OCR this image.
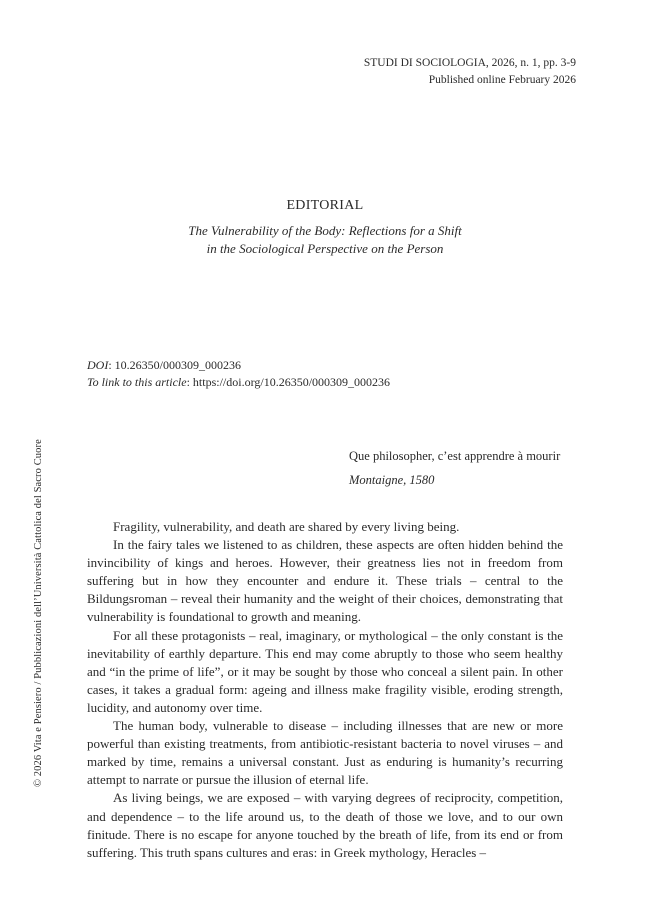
STUDI DI SOCIOLOGIA, 2026, n. 1, pp. 3-9
Published online February 2026
EDITORIAL
The Vulnerability of the Body: Reflections for a Shift
in the Sociological Perspective on the Person
DOI: 10.26350/000309_000236
To link to this article: https://doi.org/10.26350/000309_000236
Que philosopher, c’est apprendre à mourir
Montaigne, 1580
© 2026 Vita e Pensiero / Pubblicazioni dell’Università Cattolica del Sacro Cuore	Fragility, vulnerability, and death are shared by every living being.

In the fairy tales we listened to as children, these aspects are often hidden behind the invincibility of kings and heroes. However, their greatness lies not in freedom from suffering but in how they encounter and endure it. These trials – central to the Bildungsroman – reveal their humanity and the weight of their choices, demonstrating that vulnerability is foundational to growth and meaning.

For all these protagonists – real, imaginary, or mythological – the only constant is the inevitability of earthly departure. This end may come abruptly to those who seem healthy and “in the prime of life”, or it may be sought by those who conceal a silent pain. In other cases, it takes a gradual form: ageing and illness make fragility visible, eroding strength, lucidity, and autonomy over time.

The human body, vulnerable to disease – including illnesses that are new or more powerful than existing treatments, from antibiotic-resistant bacteria to novel viruses – and marked by time, remains a universal constant. Just as enduring is humanity’s recurring attempt to narrate or pursue the illusion of eternal life.

As living beings, we are exposed – with varying degrees of reciprocity, competition, and dependence – to the life around us, to the death of those we love, and to our own finitude. There is no escape for anyone touched by the breath of life, from its end or from suffering. This truth spans cultures and eras: in Greek mythology, Heracles –
